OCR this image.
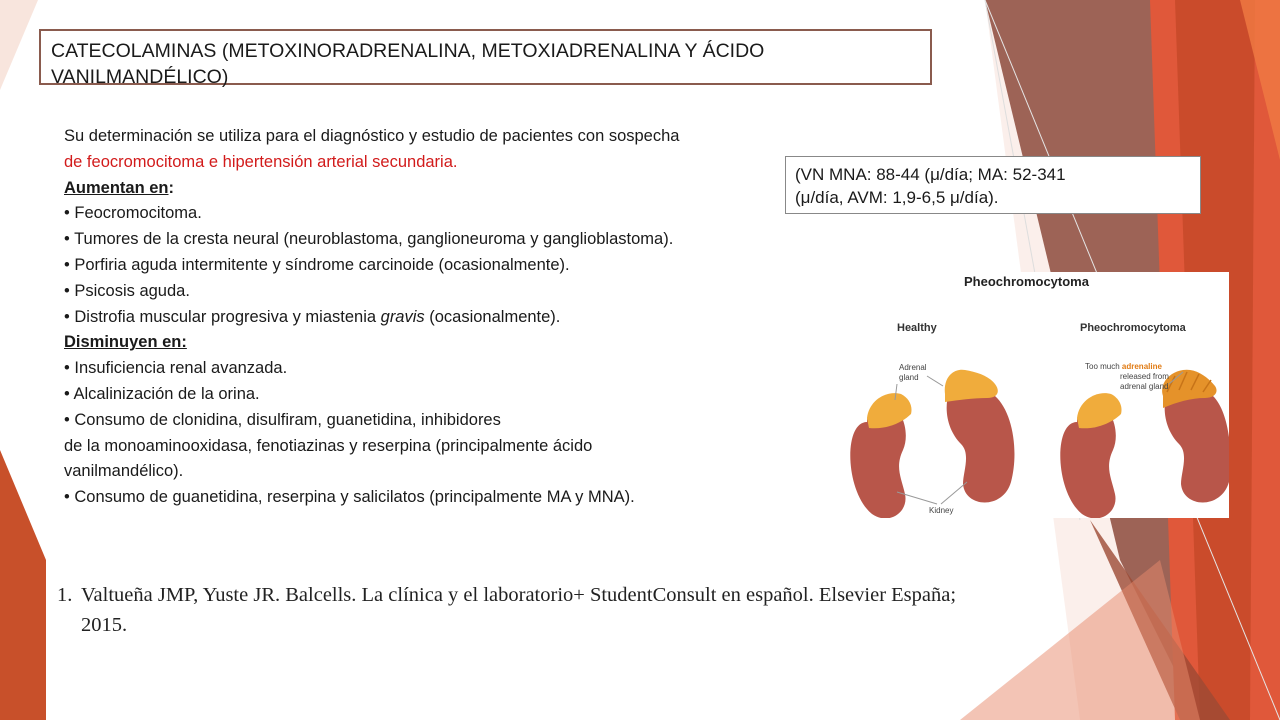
CATECOLAMINAS (METOXINORADRENALINA, METOXIADRENALINA Y ÁCIDO
VANILMANDÉLICO)
Su determinación se utiliza para el diagnóstico y estudio de pacientes con sospecha
de feocromocitoma e hipertensión arterial secundaria.
Aumentan en:
• Feocromocitoma.
• Tumores de la cresta neural (neuroblastoma, ganglioneuroma y ganglioblastoma).
• Porfiria aguda intermitente y síndrome carcinoide (ocasionalmente).
• Psicosis aguda.
• Distrofia muscular progresiva y miastenia gravis (ocasionalmente).
Disminuyen en:
• Insuficiencia renal avanzada.
• Alcalinización de la orina.
• Consumo de clonidina, disulfiram, guanetidina, inhibidores
de la monoaminooxidasa, fenotiazinas y reserpina (principalmente ácido
vanilmandélico).
• Consumo de guanetidina, reserpina y salicilatos (principalmente MA y MNA).
(VN MNA: 88-44 (μ/día; MA: 52-341
(μ/día, AVM: 1,9-6,5 μ/día).
Pheochromocytoma
Healthy	Pheochromocytoma
Adrenal
gland
Kidney
Too much adrenaline
released from
adrenal gland
1. Valtueña JMP, Yuste JR. Balcells. La clínica y el laboratorio+ StudentConsult en español. Elsevier España;
2015.
